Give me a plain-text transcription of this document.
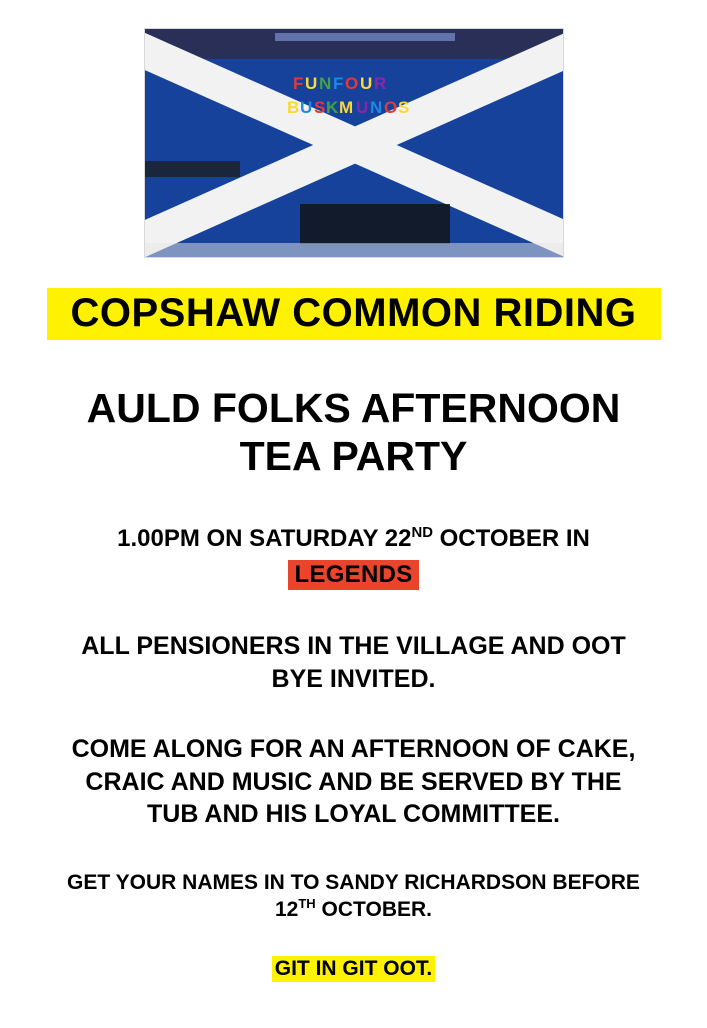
F U N F O U R
B U S K M U N O S
COPSHAW COMMON RIDING
AULD FOLKS AFTERNOON
TEA PARTY
1.00PM ON SATURDAY 22ND OCTOBER IN
LEGENDS
ALL PENSIONERS IN THE VILLAGE AND OOT
BYE INVITED.
COME ALONG FOR AN AFTERNOON OF CAKE,
CRAIC AND MUSIC AND BE SERVED BY THE
TUB AND HIS LOYAL COMMITTEE.
GET YOUR NAMES IN TO SANDY RICHARDSON BEFORE
12TH OCTOBER.
GIT IN GIT OOT.
